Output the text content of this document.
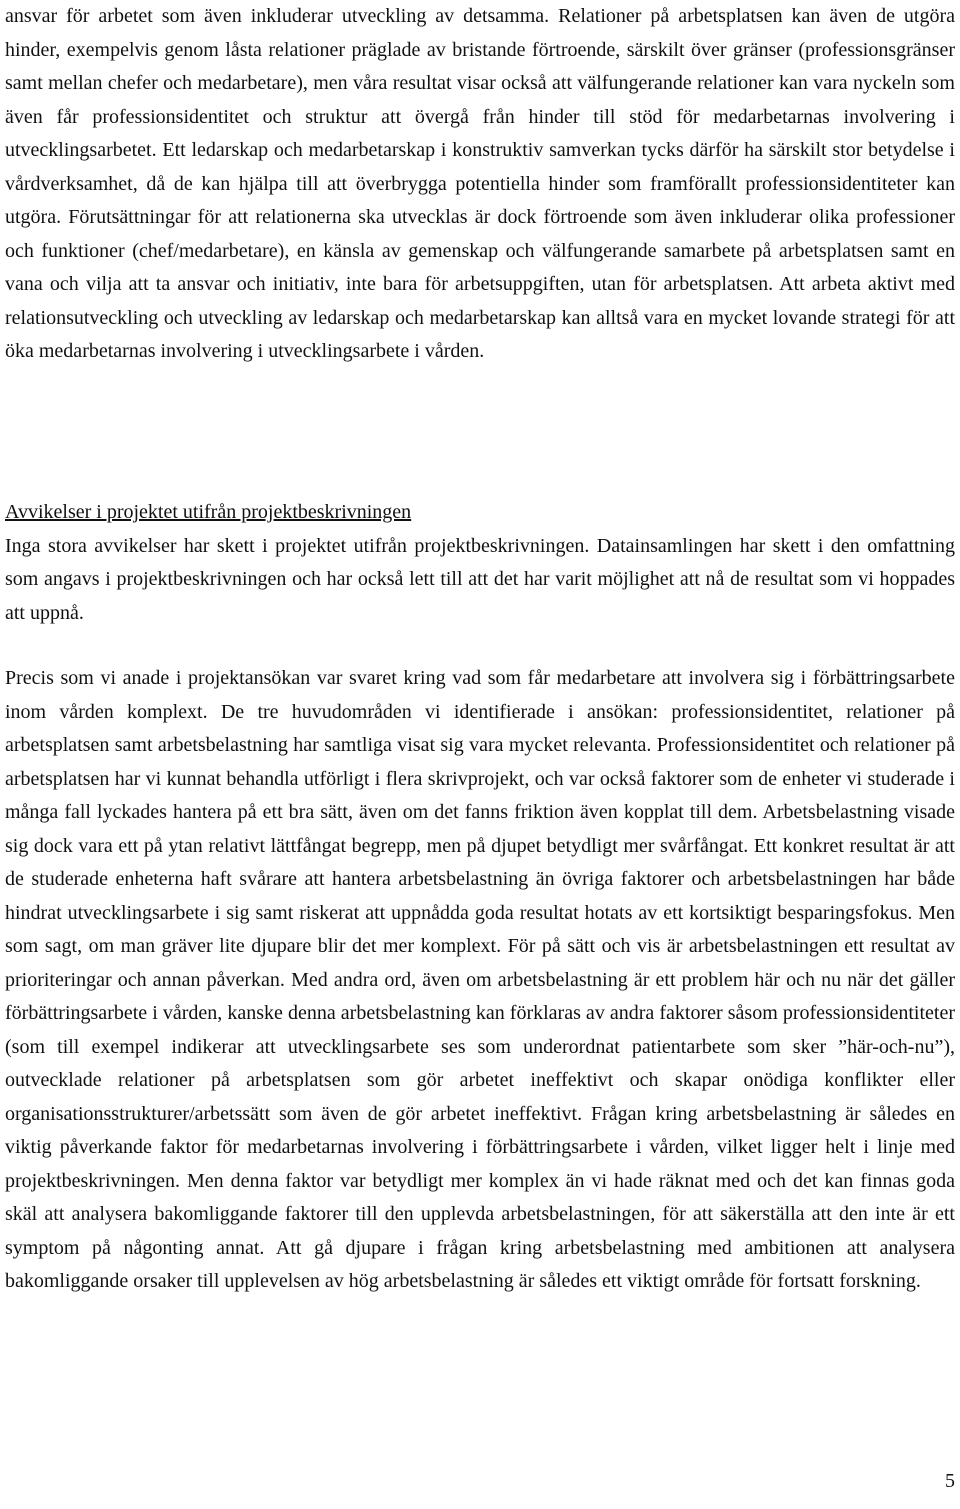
ansvar för arbetet som även inkluderar utveckling av detsamma. Relationer på arbetsplatsen kan även de utgöra hinder, exempelvis genom låsta relationer präglade av bristande förtroende, särskilt över gränser (professionsgränser samt mellan chefer och medarbetare), men våra resultat visar också att välfungerande relationer kan vara nyckeln som även får professionsidentitet och struktur att övergå från hinder till stöd för medarbetarnas involvering i utvecklingsarbetet. Ett ledarskap och medarbetarskap i konstruktiv samverkan tycks därför ha särskilt stor betydelse i vårdverksamhet, då de kan hjälpa till att överbrygga potentiella hinder som framförallt professionsidentiteter kan utgöra. Förutsättningar för att relationerna ska utvecklas är dock förtroende som även inkluderar olika professioner och funktioner (chef/medarbetare), en känsla av gemenskap och välfungerande samarbete på arbetsplatsen samt en vana och vilja att ta ansvar och initiativ, inte bara för arbetsuppgiften, utan för arbetsplatsen. Att arbeta aktivt med relationsutveckling och utveckling av ledarskap och medarbetarskap kan alltså vara en mycket lovande strategi för att öka medarbetarnas involvering i utvecklingsarbete i vården.

Avvikelser i projektet utifrån projektbeskrivningen

Inga stora avvikelser har skett i projektet utifrån projektbeskrivningen. Datainsamlingen har skett i den omfattning som angavs i projektbeskrivningen och har också lett till att det har varit möjlighet att nå de resultat som vi hoppades att uppnå.

Precis som vi anade i projektansökan var svaret kring vad som får medarbetare att involvera sig i förbättringsarbete inom vården komplext. De tre huvudområden vi identifierade i ansökan: professionsidentitet, relationer på arbetsplatsen samt arbetsbelastning har samtliga visat sig vara mycket relevanta. Professionsidentitet och relationer på arbetsplatsen har vi kunnat behandla utförligt i flera skrivprojekt, och var också faktorer som de enheter vi studerade i många fall lyckades hantera på ett bra sätt, även om det fanns friktion även kopplat till dem. Arbetsbelastning visade sig dock vara ett på ytan relativt lättfångat begrepp, men på djupet betydligt mer svårfångat. Ett konkret resultat är att de studerade enheterna haft svårare att hantera arbetsbelastning än övriga faktorer och arbetsbelastningen har både hindrat utvecklingsarbete i sig samt riskerat att uppnådda goda resultat hotats av ett kortsiktigt besparingsfokus. Men som sagt, om man gräver lite djupare blir det mer komplext. För på sätt och vis är arbetsbelastningen ett resultat av prioriteringar och annan påverkan. Med andra ord, även om arbetsbelastning är ett problem här och nu när det gäller förbättringsarbete i vården, kanske denna arbetsbelastning kan förklaras av andra faktorer såsom professionsidentiteter (som till exempel indikerar att utvecklingsarbete ses som underordnat patientarbete som sker ”här-och-nu”), outvecklade relationer på arbetsplatsen som gör arbetet ineffektivt och skapar onödiga konflikter eller organisationsstrukturer/arbetssätt som även de gör arbetet ineffektivt. Frågan kring arbetsbelastning är således en viktig påverkande faktor för medarbetarnas involvering i förbättringsarbete i vården, vilket ligger helt i linje med projektbeskrivningen. Men denna faktor var betydligt mer komplex än vi hade räknat med och det kan finnas goda skäl att analysera bakomliggande faktorer till den upplevda arbetsbelastningen, för att säkerställa att den inte är ett symptom på någonting annat. Att gå djupare i frågan kring arbetsbelastning med ambitionen att analysera bakomliggande orsaker till upplevelsen av hög arbetsbelastning är således ett viktigt område för fortsatt forskning.

5
